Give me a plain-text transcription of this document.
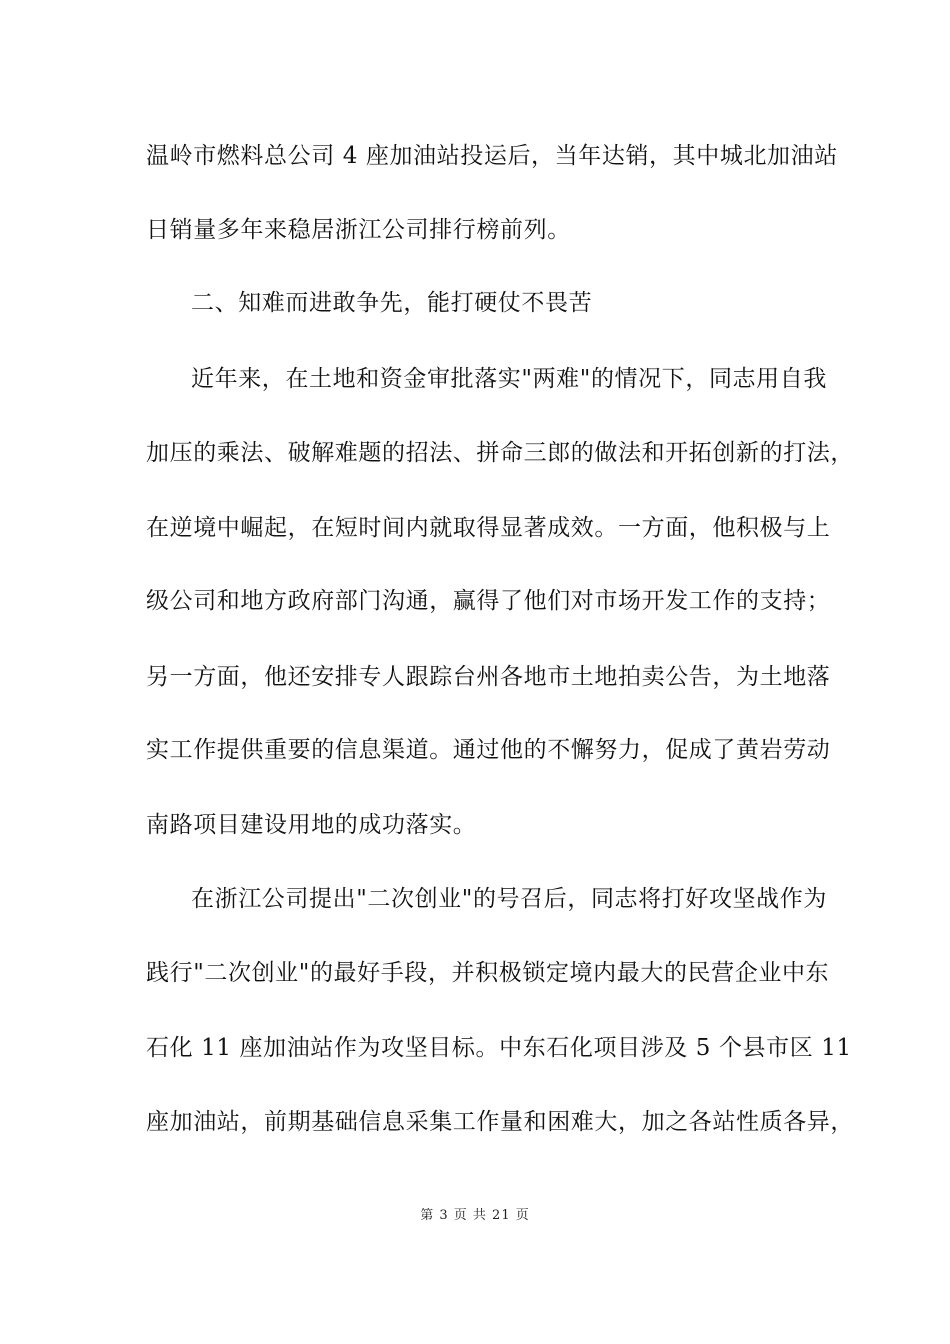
温岭市燃料总公司 4 座加油站投运后，当年达销，其中城北加油站
日销量多年来稳居浙江公司排行榜前列。
二、知难而进敢争先，能打硬仗不畏苦
近年来，在土地和资金审批落实"两难"的情况下，同志用自我
加压的乘法、破解难题的招法、拼命三郎的做法和开拓创新的打法，
在逆境中崛起，在短时间内就取得显著成效。一方面，他积极与上
级公司和地方政府部门沟通，赢得了他们对市场开发工作的支持；
另一方面，他还安排专人跟踪台州各地市土地拍卖公告，为土地落
实工作提供重要的信息渠道。通过他的不懈努力，促成了黄岩劳动
南路项目建设用地的成功落实。
在浙江公司提出"二次创业"的号召后，同志将打好攻坚战作为
践行"二次创业"的最好手段，并积极锁定境内最大的民营企业中东
石化 11 座加油站作为攻坚目标。中东石化项目涉及 5 个县市区 11
座加油站，前期基础信息采集工作量和困难大，加之各站性质各异，
第 3 页 共 21 页
